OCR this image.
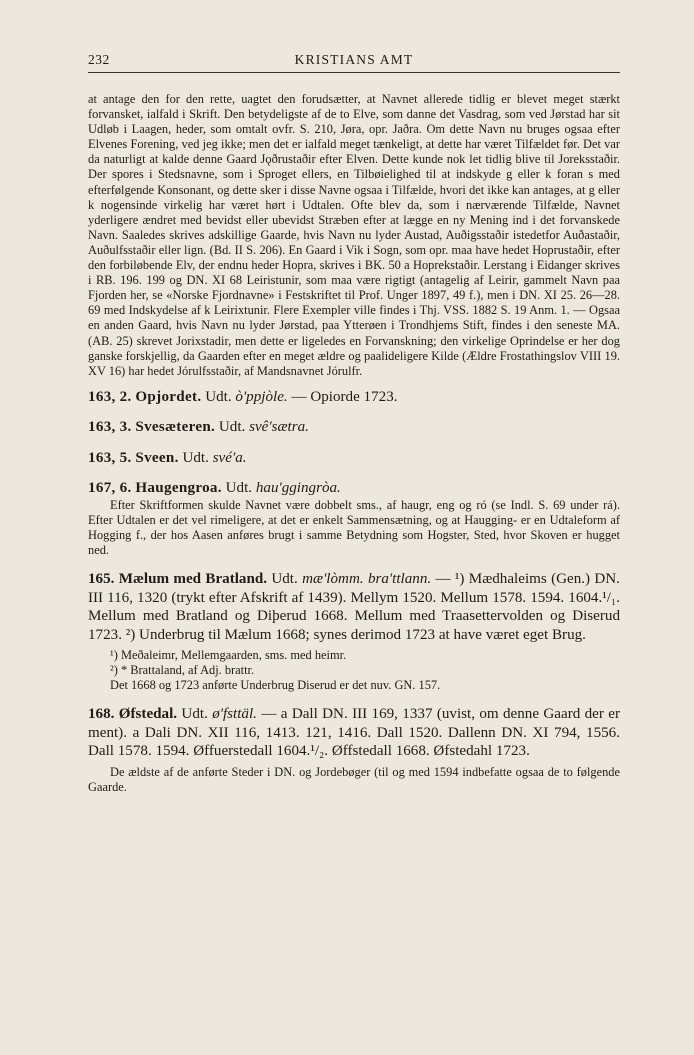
232	KRISTIANS AMT

at antage den for den rette, uagtet den forudsætter, at Navnet allerede tidlig er blevet meget stærkt forvansket, ialfald i Skrift. Den betydeligste af de to Elve, som danne det Vasdrag, som ved Jørstad har sit Udløb i Laagen, heder, som omtalt ovfr. S. 210, Jøra, opr. Jaðra. Om dette Navn nu bruges ogsaa efter Elvenes Forening, ved jeg ikke; men det er ialfald meget tænkeligt, at dette har været Tilfældet før. Det var da naturligt at kalde denne Gaard Jǫðrustaðir efter Elven. Dette kunde nok let tidlig blive til Joreksstaðir. Der spores i Stedsnavne, som i Sproget ellers, en Tilbøielighed til at indskyde g eller k foran s med efterfølgende Konsonant, og dette sker i disse Navne ogsaa i Tilfælde, hvori det ikke kan antages, at g eller k nogensinde virkelig har været hørt i Udtalen. Ofte blev da, som i nærværende Tilfælde, Navnet yderligere ændret med bevidst eller ubevidst Stræben efter at lægge en ny Mening ind i det forvanskede Navn. Saaledes skrives adskillige Gaarde, hvis Navn nu lyder Austad, Auðigsstaðir istedetfor Auðastaðir, Auðulfsstaðir eller lign. (Bd. II S. 206). En Gaard i Vik i Sogn, som opr. maa have hedet Hoprustaðir, efter den forbiløbende Elv, der endnu heder Hopra, skrives i BK. 50 a Hoprekstaðir. Lerstang i Eidanger skrives i RB. 196. 199 og DN. XI 68 Leiristunir, som maa være rigtigt (antagelig af Leirir, gammelt Navn paa Fjorden her, se «Norske Fjordnavne» i Festskriftet til Prof. Unger 1897, 49 f.), men i DN. XI 25. 26—28. 69 med Indskydelse af k Leirixtunir. Flere Exempler ville findes i Thj. VSS. 1882 S. 19 Anm. 1. — Ogsaa en anden Gaard, hvis Navn nu lyder Jørstad, paa Ytterøen i Trondhjems Stift, findes i den seneste MA. (AB. 25) skrevet Jorixstadir, men dette er ligeledes en Forvanskning; den virkelige Oprindelse er her dog ganske forskjellig, da Gaarden efter en meget ældre og paalideligere Kilde (Ældre Frostathingslov VIII 19. XV 16) har hedet Jórulfsstaðir, af Mandsnavnet Jórulfr.

163, 2. Opjordet. Udt. ò'ppjòle. — Opiorde 1723.

163, 3. Svesæteren. Udt. svê'sætra.

163, 5. Sveen. Udt. své'a.

167, 6. Haugengroa. Udt. hau'ggingròa.

Efter Skriftformen skulde Navnet være dobbelt sms., af haugr, eng og ró (se Indl. S. 69 under rá). Efter Udtalen er det vel rimeligere, at det er enkelt Sammensætning, og at Haugging- er en Udtaleform af Hogging f., der hos Aasen anføres brugt i samme Betydning som Hogster, Sted, hvor Skoven er hugget ned.

165. Mælum med Bratland. Udt. mæ'lòmm. bra'ttlann. — ¹) Mædhaleims (Gen.) DN. III 116, 1320 (trykt efter Afskrift af 1439). Mellym 1520. Mellum 1578. 1594. 1604.¹/₁. Mellum med Bratland og Diþerud 1668. Mellum med Traasettervolden og Diserud 1723. ²) Underbrug til Mælum 1668; synes derimod 1723 at have været eget Brug.

¹) Meðaleimr, Mellemgaarden, sms. med heimr.

²) * Brattaland, af Adj. brattr.

Det 1668 og 1723 anførte Underbrug Diserud er det nuv. GN. 157.

168. Øfstedal. Udt. ø'fsttäl. — a Dall DN. III 169, 1337 (uvist, om denne Gaard der er ment). a Dali DN. XII 116, 1413. 121, 1416. Dall 1520. Dallenn DN. XI 794, 1556. Dall 1578. 1594. Øffuerstedall 1604.¹/₂. Øffstedall 1668. Øfstedahl 1723.

De ældste af de anførte Steder i DN. og Jordebøger (til og med 1594 indbefatte ogsaa de to følgende Gaarde.
